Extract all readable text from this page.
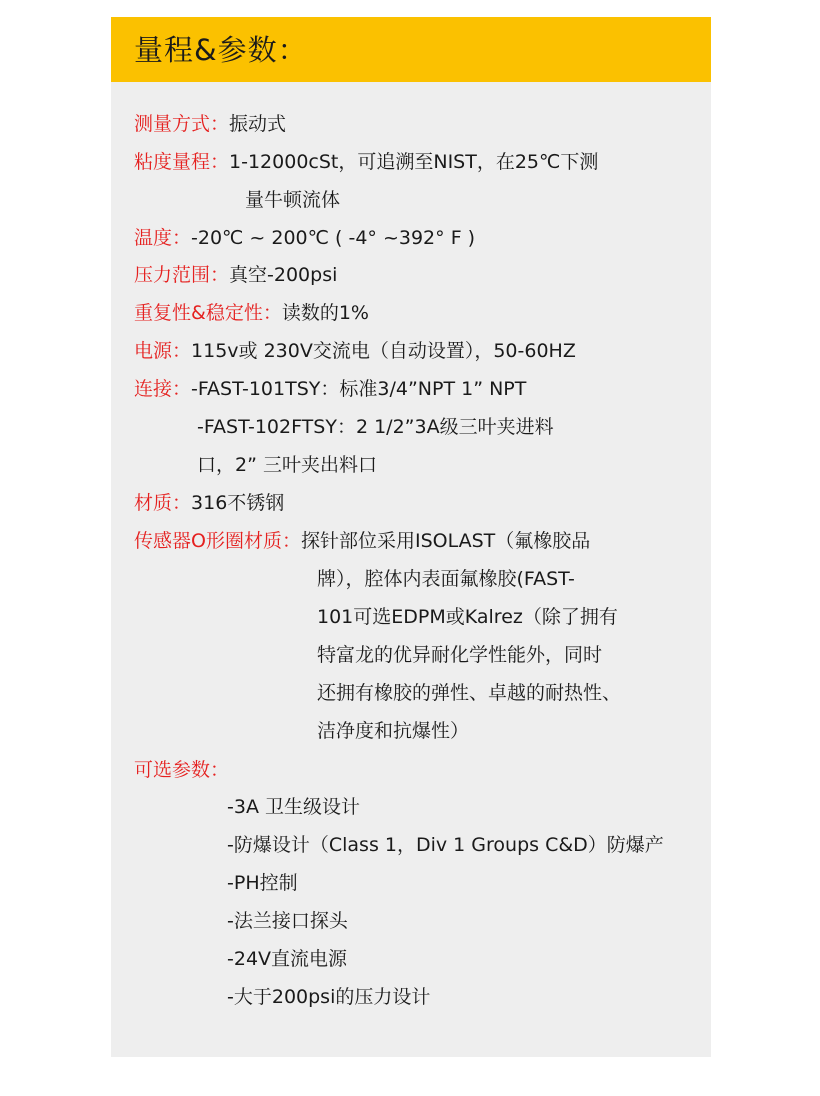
量程&参数：
测量方式：振动式
粘度量程：1-12000cSt，可追溯至NIST，在25℃下测
量牛顿流体
温度：-20℃ ~ 200℃ ( -4° ~392° F )
压力范围：真空-200psi
重复性&稳定性：读数的1%
电源：115v或 230V交流电（自动设置），50-60HZ
连接：-FAST-101TSY：标准3/4”NPT 1” NPT
-FAST-102FTSY：2 1/2”3A级三叶夹进料
口，2” 三叶夹出料口
材质：316不锈钢
传感器O形圈材质：探针部位采用ISOLAST（氟橡胶品
牌），腔体内表面氟橡胶(FAST-
101可选EDPM或Kalrez（除了拥有
特富龙的优异耐化学性能外，同时
还拥有橡胶的弹性、卓越的耐热性、
洁净度和抗爆性）
可选参数：
-3A 卫生级设计
-防爆设计（Class 1，Div 1 Groups C&D）防爆产
-PH控制
-法兰接口探头
-24V直流电源
-大于200psi的压力设计
